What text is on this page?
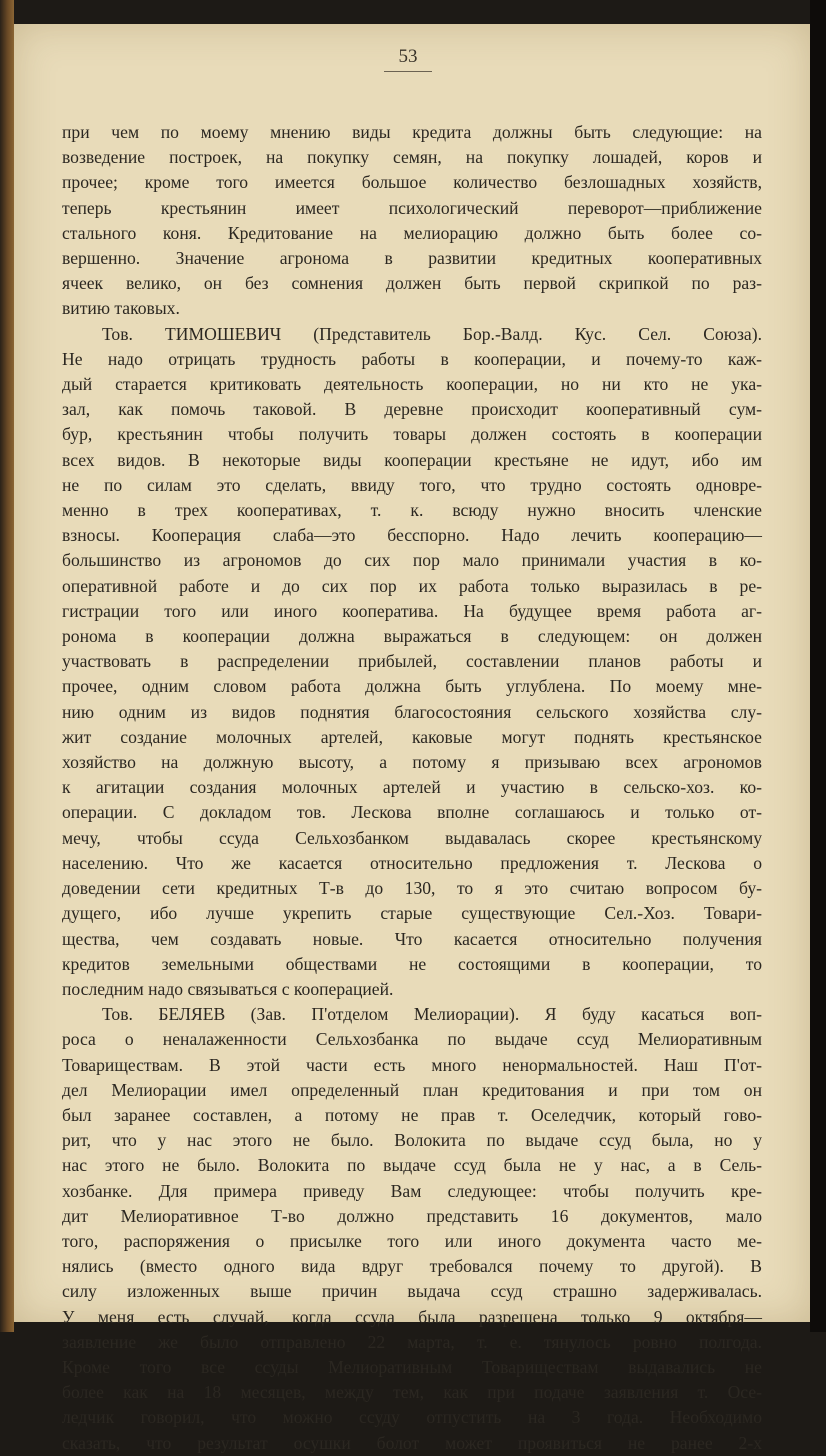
53
при чем по моему мнению виды кредита должны быть следующие: на
возведение построек, на покупку семян, на покупку лошадей, коров и
прочее; кроме того имеется большое количество безлошадных хозяйств,
теперь крестьянин имеет психологический переворот—приближение
стального коня. Кредитование на мелиорацию должно быть более со-
вершенно. Значение агронома в развитии кредитных кооперативных
ячеек велико, он без сомнения должен быть первой скрипкой по раз-
витию таковых.
Тов. ТИМОШЕВИЧ (Представитель Бор.-Валд. Кус. Сел. Союза).
Не надо отрицать трудность работы в кооперации, и почему-то каж-
дый старается критиковать деятельность кооперации, но ни кто не ука-
зал, как помочь таковой. В деревне происходит кооперативный сум-
бур, крестьянин чтобы получить товары должен состоять в кооперации
всех видов. В некоторые виды кооперации крестьяне не идут, ибо им
не по силам это сделать, ввиду того, что трудно состоять одновре-
менно в трех кооперативах, т. к. всюду нужно вносить членские
взносы. Кооперация слаба—это бесспорно. Надо лечить кооперацию—
большинство из агрономов до сих пор мало принимали участия в ко-
оперативной работе и до сих пор их работа только выразилась в ре-
гистрации того или иного кооператива. На будущее время работа аг-
ронома в кооперации должна выражаться в следующем: он должен
участвовать в распределении прибылей, составлении планов работы и
прочее, одним словом работа должна быть углублена. По моему мне-
нию одним из видов поднятия благосостояния сельского хозяйства слу-
жит создание молочных артелей, каковые могут поднять крестьянское
хозяйство на должную высоту, а потому я призываю всех агрономов
к агитации создания молочных артелей и участию в сельско-хоз. ко-
операции. С докладом тов. Лескова вполне соглашаюсь и только от-
мечу, чтобы ссуда Сельхозбанком выдавалась скорее крестьянскому
населению. Что же касается относительно предложения т. Лескова о
доведении сети кредитных Т-в до 130, то я это считаю вопросом бу-
дущего, ибо лучше укрепить старые существующие Сел.-Хоз. Товари-
щества, чем создавать новые. Что касается относительно получения
кредитов земельными обществами не состоящими в кооперации, то
последним надо связываться с кооперацией.
Тов. БЕЛЯЕВ (Зав. П'отделом Мелиорации). Я буду касаться воп-
роса о неналаженности Сельхозбанка по выдаче ссуд Мелиоративным
Товариществам. В этой части есть много ненормальностей. Наш П'от-
дел Мелиорации имел определенный план кредитования и при том он
был заранее составлен, а потому не прав т. Оселедчик, который гово-
рит, что у нас этого не было. Волокита по выдаче ссуд была, но у
нас этого не было. Волокита по выдаче ссуд была не у нас, а в Сель-
хозбанке. Для примера приведу Вам следующее: чтобы получить кре-
дит Мелиоративное Т-во должно представить 16 документов, мало
того, распоряжения о присылке того или иного документа часто ме-
нялись (вместо одного вида вдруг требовался почему то другой). В
силу изложенных выше причин выдача ссуд страшно задерживалась.
У меня есть случай, когда ссуда была разрешена только 9 октября—
заявление же было отправлено 22 марта, т. е. тянулось ровно полгода.
Кроме того все ссуды Мелиоративным Товариществам выдавались не
более как на 18 месяцев, между тем, как при подаче заявления т. Осе-
ледчик говорил, что можно ссуду отпустить на 3 года. Необходимо
сказать, что результат осушки болот может проявиться не ранее 2-х
